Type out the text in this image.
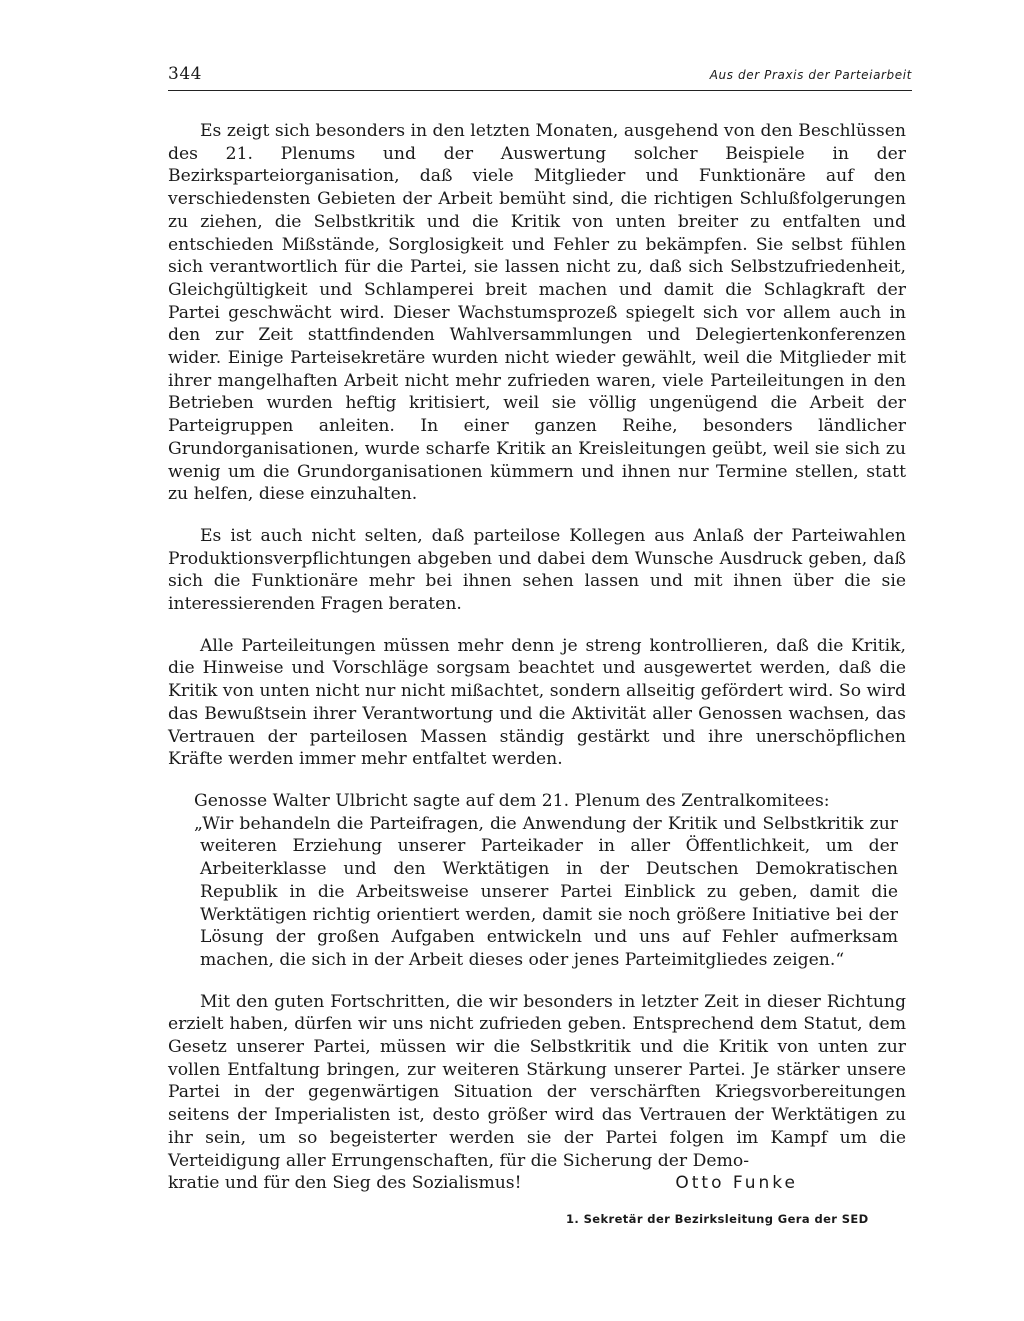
344	Aus der Praxis der Parteiarbeit

Es zeigt sich besonders in den letzten Monaten, ausgehend von den Beschlüssen des 21. Plenums und der Auswertung solcher Beispiele in der Bezirksparteiorganisation, daß viele Mitglieder und Funktionäre auf den verschiedensten Gebieten der Arbeit bemüht sind, die richtigen Schlußfolgerungen zu ziehen, die Selbstkritik und die Kritik von unten breiter zu entfalten und entschieden Mißstände, Sorglosigkeit und Fehler zu bekämpfen. Sie selbst fühlen sich verantwortlich für die Partei, sie lassen nicht zu, daß sich Selbstzufriedenheit, Gleichgültigkeit und Schlamperei breit machen und damit die Schlagkraft der Partei geschwächt wird. Dieser Wachstumsprozeß spiegelt sich vor allem auch in den zur Zeit stattfindenden Wahlversammlungen und Delegiertenkonferenzen wider. Einige Parteisekretäre wurden nicht wieder gewählt, weil die Mitglieder mit ihrer mangelhaften Arbeit nicht mehr zufrieden waren, viele Parteileitungen in den Betrieben wurden heftig kritisiert, weil sie völlig ungenügend die Arbeit der Parteigruppen anleiten. In einer ganzen Reihe, besonders ländlicher Grundorganisationen, wurde scharfe Kritik an Kreisleitungen geübt, weil sie sich zu wenig um die Grundorganisationen kümmern und ihnen nur Termine stellen, statt zu helfen, diese einzuhalten.

Es ist auch nicht selten, daß parteilose Kollegen aus Anlaß der Parteiwahlen Produktionsverpflichtungen abgeben und dabei dem Wunsche Ausdruck geben, daß sich die Funktionäre mehr bei ihnen sehen lassen und mit ihnen über die sie interessierenden Fragen beraten.

Alle Parteileitungen müssen mehr denn je streng kontrollieren, daß die Kritik, die Hinweise und Vorschläge sorgsam beachtet und ausgewertet werden, daß die Kritik von unten nicht nur nicht mißachtet, sondern allseitig gefördert wird. So wird das Bewußtsein ihrer Verantwortung und die Aktivität aller Genossen wachsen, das Vertrauen der parteilosen Massen ständig gestärkt und ihre unerschöpflichen Kräfte werden immer mehr entfaltet werden.

Genosse Walter Ulbricht sagte auf dem 21. Plenum des Zentralkomitees:

„Wir behandeln die Parteifragen, die Anwendung der Kritik und Selbstkritik zur weiteren Erziehung unserer Parteikader in aller Öffentlichkeit, um der Arbeiterklasse und den Werktätigen in der Deutschen Demokratischen Republik in die Arbeitsweise unserer Partei Einblick zu geben, damit die Werktätigen richtig orientiert werden, damit sie noch größere Initiative bei der Lösung der großen Aufgaben entwickeln und uns auf Fehler aufmerksam machen, die sich in der Arbeit dieses oder jenes Parteimitgliedes zeigen.“

Mit den guten Fortschritten, die wir besonders in letzter Zeit in dieser Richtung erzielt haben, dürfen wir uns nicht zufrieden geben. Entsprechend dem Statut, dem Gesetz unserer Partei, müssen wir die Selbstkritik und die Kritik von unten zur vollen Entfaltung bringen, zur weiteren Stärkung unserer Partei. Je stärker unsere Partei in der gegenwärtigen Situation der verschärften Kriegsvorbereitungen seitens der Imperialisten ist, desto größer wird das Vertrauen der Werktätigen zu ihr sein, um so begeisterter werden sie der Partei folgen im Kampf um die Verteidigung aller Errungenschaften, für die Sicherung der Demo-

kratie und für den Sieg des Sozialismus!	Otto Funke
1. Sekretär der Bezirksleitung Gera der SED
